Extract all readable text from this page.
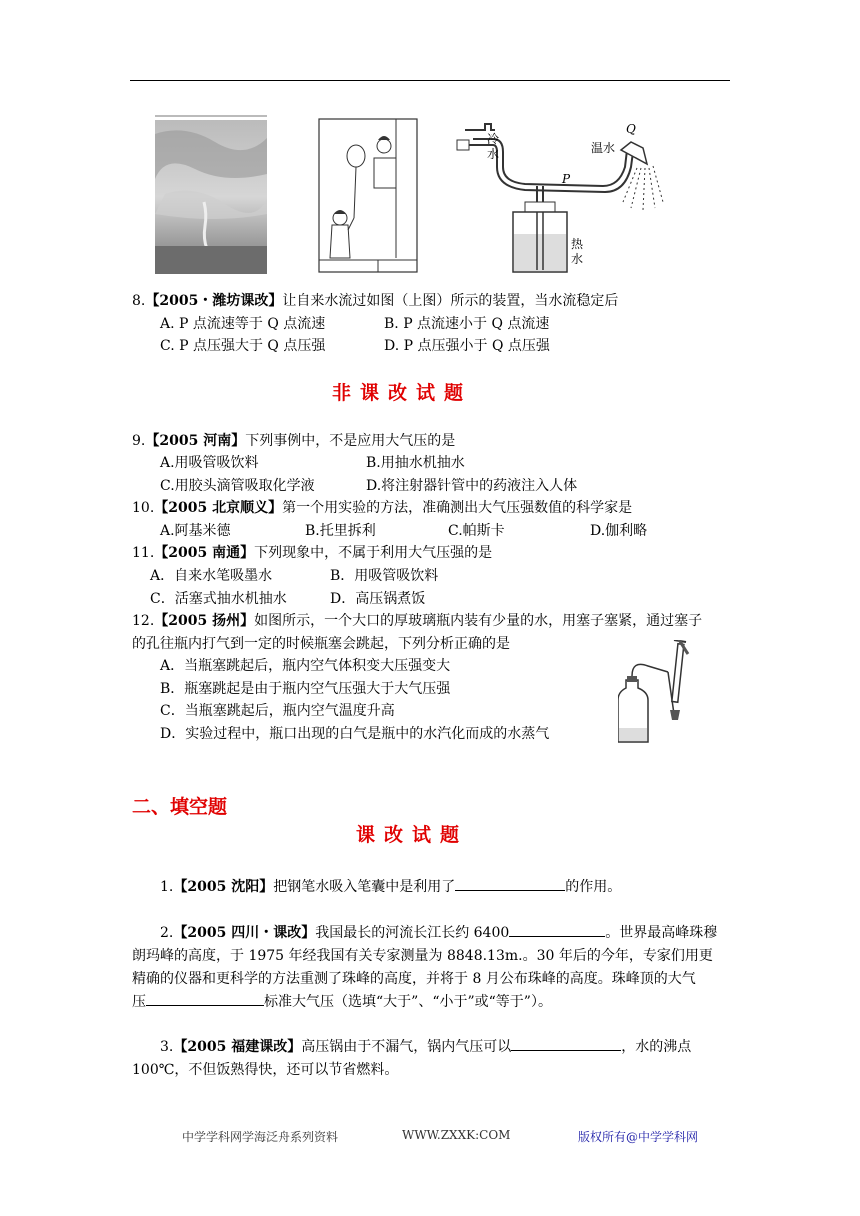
冷
水	温水
Q
P
热
水
8.【2005・潍坊课改】让自来水流过如图（上图）所示的装置，当水流稳定后
A. P 点流速等于 Q 点流速	B. P 点流速小于 Q 点流速
C. P 点压强大于 Q 点压强	D. P 点压强小于 Q 点压强
非课改试题
9.【2005 河南】下列事例中，不是应用大气压的是
A.用吸管吸饮料	B.用抽水机抽水
C.用胶头滴管吸取化学液	D.将注射器针管中的药液注入人体
10.【2005 北京顺义】第一个用实验的方法，准确测出大气压强数值的科学家是
A.阿基米德	B.托里拆利	C.帕斯卡	D.伽利略
11.【2005 南通】下列现象中，不属于利用大气压强的是
A．自来水笔吸墨水	B．用吸管吸饮料
C．活塞式抽水机抽水	D．高压锅煮饭
12.【2005 扬州】如图所示，一个大口的厚玻璃瓶内装有少量的水，用塞子塞紧，通过塞子
的孔往瓶内打气到一定的时候瓶塞会跳起，下列分析正确的是
A．当瓶塞跳起后，瓶内空气体积变大压强变大
B．瓶塞跳起是由于瓶内空气压强大于大气压强
C．当瓶塞跳起后，瓶内空气温度升高
D．实验过程中，瓶口出现的白气是瓶中的水汽化而成的水蒸气
二、填空题
课改试题
1.【2005 沈阳】把钢笔水吸入笔囊中是利用了	的作用。
2.【2005 四川・课改】我国最长的河流长江长约 6400	。世界最高峰珠穆
朗玛峰的高度，于 1975 年经我国有关专家测量为 8848.13m.。30 年后的今年，专家们用更
精确的仪器和更科学的方法重测了珠峰的高度，并将于 8 月公布珠峰的高度。珠峰顶的大气
压	标准大气压（选填“大于”、“小于”或“等于”）。
3.【2005 福建课改】高压锅由于不漏气，锅内气压可以	，水的沸点
100℃，不但饭熟得快，还可以节省燃料。
中学学科网学海泛舟系列资料	WWW.ZXXK:COM	版权所有@中学学科网
